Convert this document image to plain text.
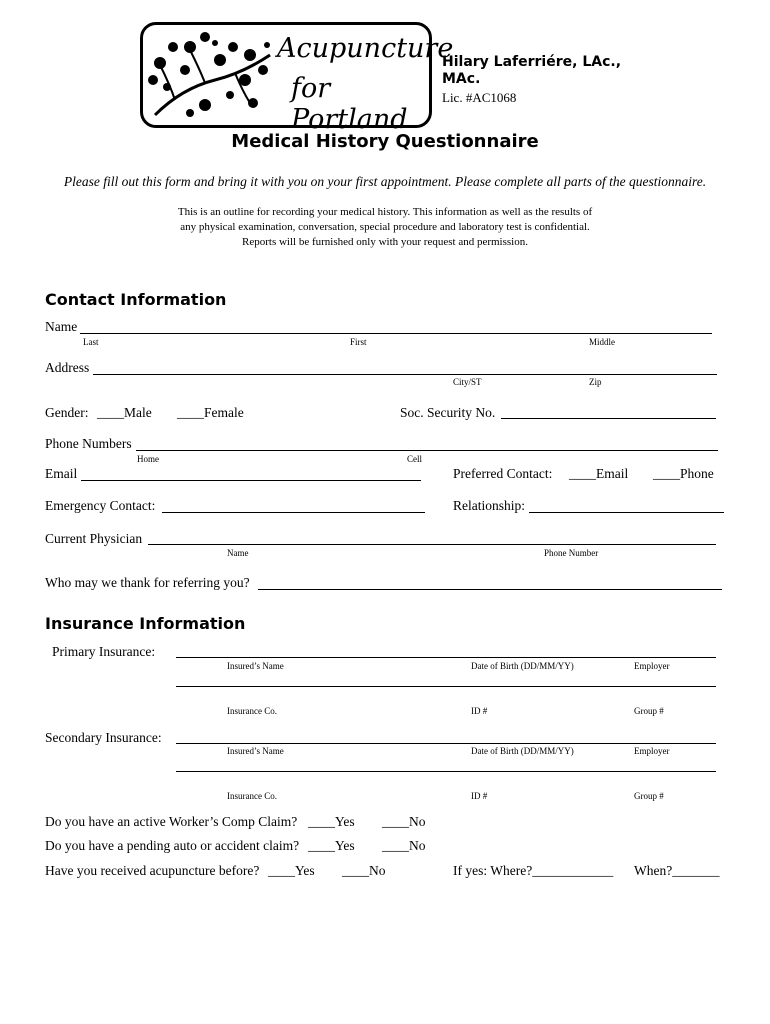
Acupuncture
for Portland
Hilary Laferriére, LAc.,
MAc.
Lic. #AC1068
Medical History Questionnaire
Please fill out this form and bring it with you on your first appointment. Please complete all parts of the questionnaire.
This is an outline for recording your medical history. This information as well as the results of
any physical examination, conversation, special procedure and laboratory test is confidential.
Reports will be furnished only with your request and permission.
Contact Information
Name
Last	First	Middle
Address
City/ST	Zip
Gender: ____Male ____Female	Soc. Security No.
Phone Numbers
Home	Cell
Email	Preferred Contact: ____Email ____Phone
Emergency Contact:	Relationship:
Current Physician
Name	Phone Number
Who may we thank for referring you?
Insurance Information
Primary Insurance:
Insured’s Name	Date of Birth (DD/MM/YY)	Employer
Insurance Co.	ID #	Group #
Secondary Insurance:
Insured’s Name	Date of Birth (DD/MM/YY)	Employer
Insurance Co.	ID #	Group #
Do you have an active Worker’s Comp Claim? ____Yes ____No
Do you have a pending auto or accident claim? ____Yes ____No
Have you received acupuncture before? ____Yes ____No	If yes: Where?____________ When?_______
